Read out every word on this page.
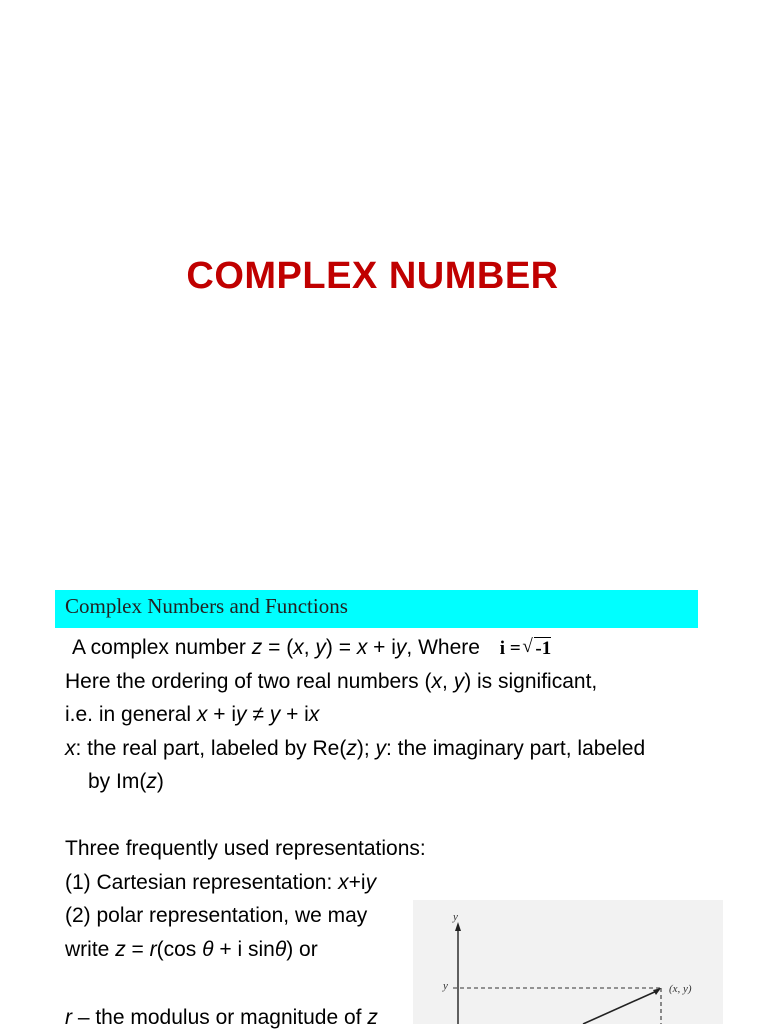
COMPLEX NUMBER
Complex Numbers and Functions
A complex number z = (x, y) = x + iy, Where i = √ -1
Here the ordering of two real numbers (x, y) is significant,
i.e. in general x + iy ≠ y + ix
x: the real part, labeled by Re(z); y: the imaginary part, labeled
by Im(z)
Three frequently used representations:
(1) Cartesian representation: x+iy
(2) polar representation, we may
write z = r(cos θ + i sinθ) or
r – the modulus or magnitude of z
y
y	(x, y)
